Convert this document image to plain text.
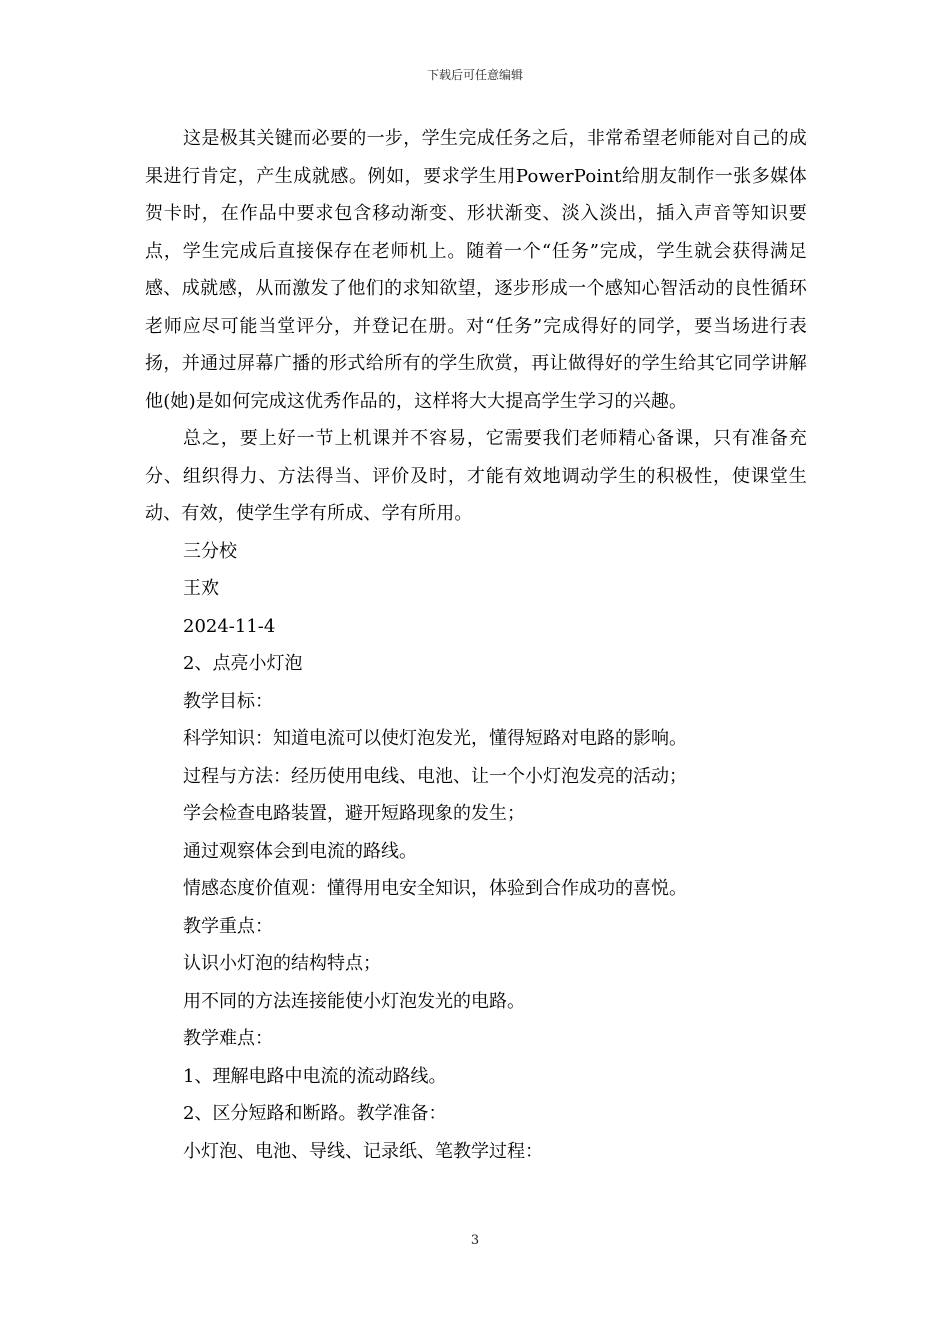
下载后可任意编辑

这是极其关键而必要的一步，学生完成任务之后，非常希望老师能对自己的成果进行肯定，产生成就感。例如，要求学生用PowerPoint给朋友制作一张多媒体贺卡时，在作品中要求包含移动渐变、形状渐变、淡入淡出，插入声音等知识要点，学生完成后直接保存在老师机上。随着一个“任务”完成，学生就会获得满足感、成就感，从而激发了他们的求知欲望，逐步形成一个感知心智活动的良性循环老师应尽可能当堂评分，并登记在册。对“任务”完成得好的同学，要当场进行表扬，并通过屏幕广播的形式给所有的学生欣赏，再让做得好的学生给其它同学讲解他(她)是如何完成这优秀作品的，这样将大大提高学生学习的兴趣。

总之，要上好一节上机课并不容易，它需要我们老师精心备课，只有准备充分、组织得力、方法得当、评价及时，才能有效地调动学生的积极性，使课堂生动、有效，使学生学有所成、学有所用。

三分校

王欢

2024-11-4

2、点亮小灯泡

教学目标：

科学知识：知道电流可以使灯泡发光，懂得短路对电路的影响。

过程与方法：经历使用电线、电池、让一个小灯泡发亮的活动；

学会检查电路装置，避开短路现象的发生；

通过观察体会到电流的路线。

情感态度价值观：懂得用电安全知识，体验到合作成功的喜悦。

教学重点：

认识小灯泡的结构特点；

用不同的方法连接能使小灯泡发光的电路。

教学难点：

1、理解电路中电流的流动路线。

2、区分短路和断路。教学准备：

小灯泡、电池、导线、记录纸、笔教学过程：

3
